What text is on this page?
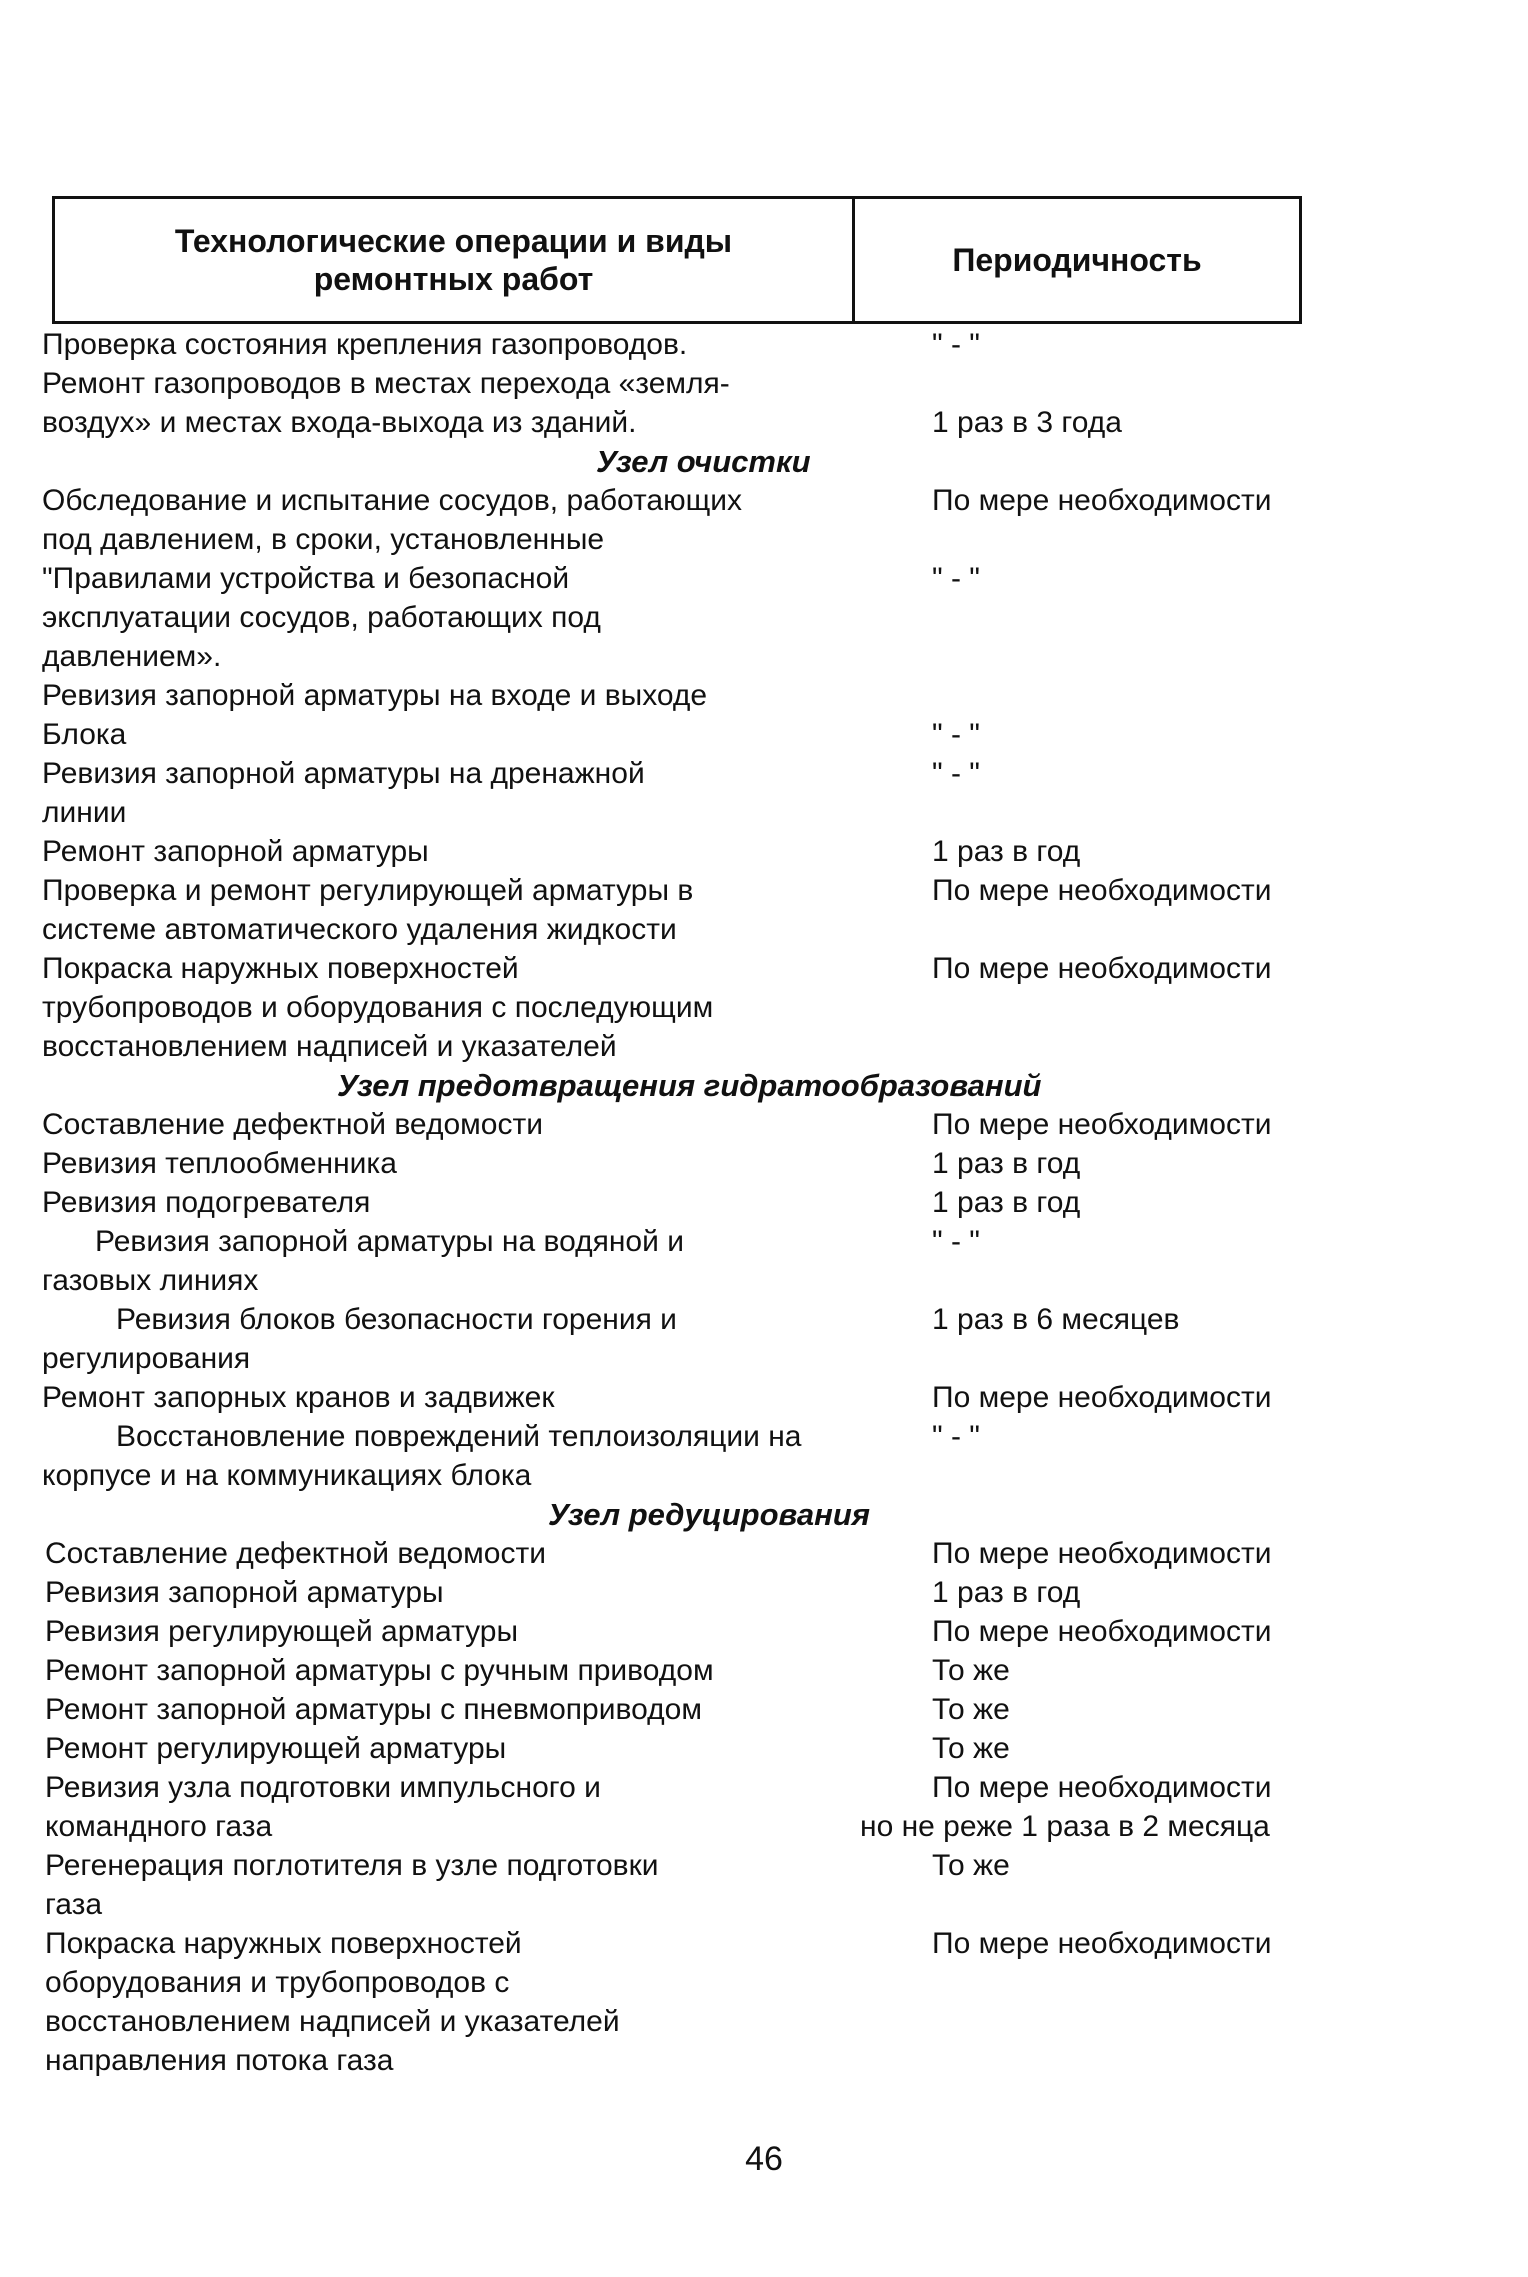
Технологические операции и виды ремонтных работ
Периодичность
Проверка состояния крепления газопроводов.
Ремонт газопроводов в местах перехода «земля-
воздух» и местах входа-выхода из зданий.
Узел очистки
Обследование и испытание сосудов, работающих
под давлением, в сроки, установленные
"Правилами устройства и безопасной
эксплуатации сосудов, работающих под
давлением».
Ревизия запорной арматуры на входе и выходе
Блока
Ревизия запорной арматуры на дренажной
линии
Ремонт запорной арматуры
Проверка и ремонт регулирующей арматуры в
системе автоматического удаления жидкости
Покраска наружных поверхностей
трубопроводов и оборудования с последующим
восстановлением надписей и указателей
Узел предотвращения гидратообразований
Составление дефектной ведомости
Ревизия теплообменника
Ревизия подогревателя
Ревизия запорной арматуры на водяной и
газовых линиях
Ревизия блоков безопасности горения и
регулирования
Ремонт запорных кранов и задвижек
Восстановление повреждений теплоизоляции на
корпусе и на коммуникациях блока
Узел редуцирования
Составление дефектной ведомости
Ревизия запорной арматуры
Ревизия регулирующей арматуры
Ремонт запорной арматуры с ручным приводом
Ремонт запорной арматуры с пневмоприводом
Ремонт регулирующей арматуры
Ревизия узла подготовки импульсного и
командного газа
Регенерация поглотителя в узле подготовки
газа
Покраска наружных поверхностей
оборудования и трубопроводов с
восстановлением надписей и указателей
направления потока газа
" - "
1 раз в 3 года
По мере необходимости
" - "
" - "
" - "
1 раз в год
По мере необходимости
По мере необходимости
По мере необходимости
1 раз в год
1 раз в год
" - "
1 раз в 6 месяцев
По мере необходимости
" - "
По мере необходимости
1 раз в год
По мере необходимости
То же
То же
То же
По мере необходимости
но не реже 1 раза в 2 месяца
То же
По мере необходимости
46
